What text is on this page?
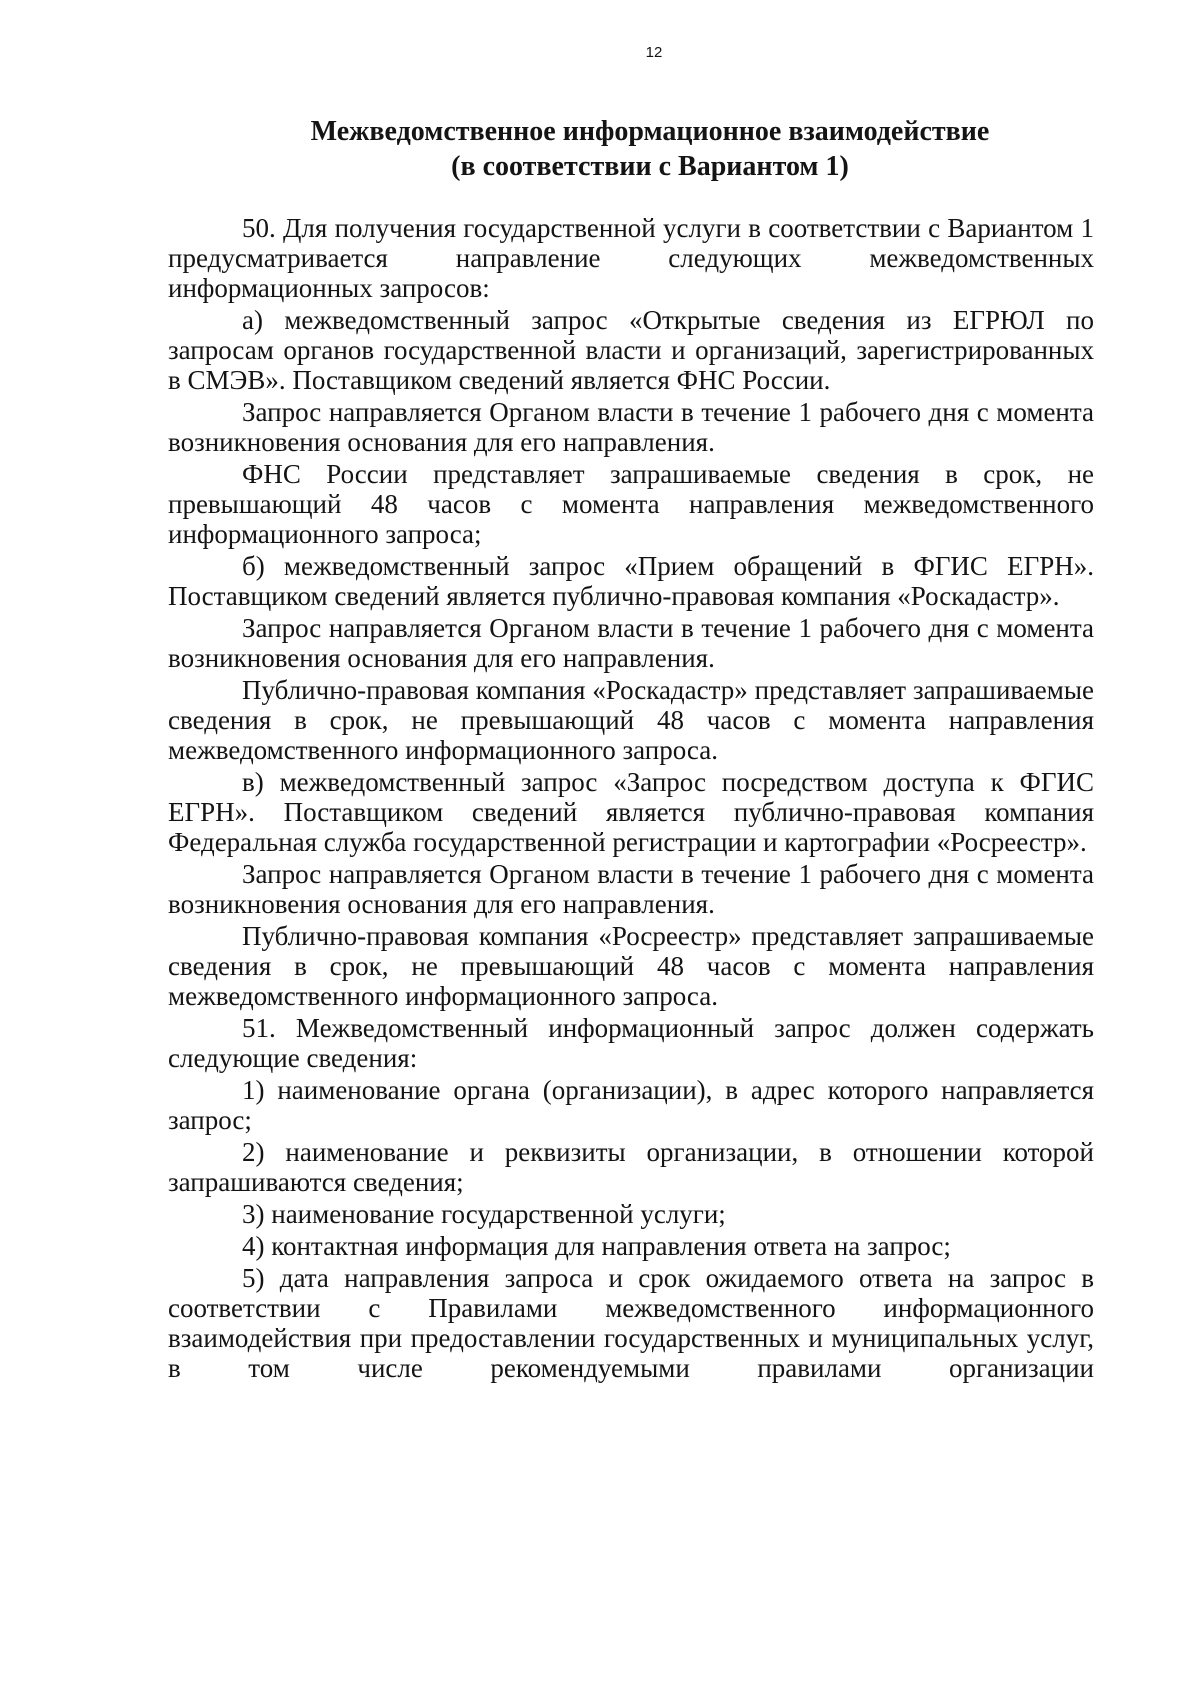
12
Межведомственное информационное взаимодействие
(в соответствии с Вариантом 1)

50. Для получения государственной услуги в соответствии с Вариантом 1 предусматривается направление следующих межведомственных информационных запросов:

а) межведомственный запрос «Открытые сведения из ЕГРЮЛ по запросам органов государственной власти и организаций, зарегистрированных в СМЭВ». Поставщиком сведений является ФНС России.

Запрос направляется Органом власти в течение 1 рабочего дня с момента возникновения основания для его направления.

ФНС России представляет запрашиваемые сведения в срок, не превышающий 48 часов с момента направления межведомственного информационного запроса;

б) межведомственный запрос «Прием обращений в ФГИС ЕГРН». Поставщиком сведений является публично-правовая компания «Роскадастр».

Запрос направляется Органом власти в течение 1 рабочего дня с момента возникновения основания для его направления.

Публично-правовая компания «Роскадастр» представляет запрашиваемые сведения в срок, не превышающий 48 часов с момента направления межведомственного информационного запроса.

в) межведомственный запрос «Запрос посредством доступа к ФГИС ЕГРН». Поставщиком сведений является публично-правовая компания Федеральная служба государственной регистрации и картографии «Росреестр».

Запрос направляется Органом власти в течение 1 рабочего дня с момента возникновения основания для его направления.

Публично-правовая компания «Росреестр» представляет запрашиваемые сведения в срок, не превышающий 48 часов с момента направления межведомственного информационного запроса.

51. Межведомственный информационный запрос должен содержать следующие сведения:

1) наименование органа (организации), в адрес которого направляется запрос;

2) наименование и реквизиты организации, в отношении которой запрашиваются сведения;

3) наименование государственной услуги;

4) контактная информация для направления ответа на запрос;

5) дата направления запроса и срок ожидаемого ответа на запрос в соответствии с Правилами межведомственного информационного взаимодействия при предоставлении государственных и муниципальных услуг, в том числе рекомендуемыми правилами организации
